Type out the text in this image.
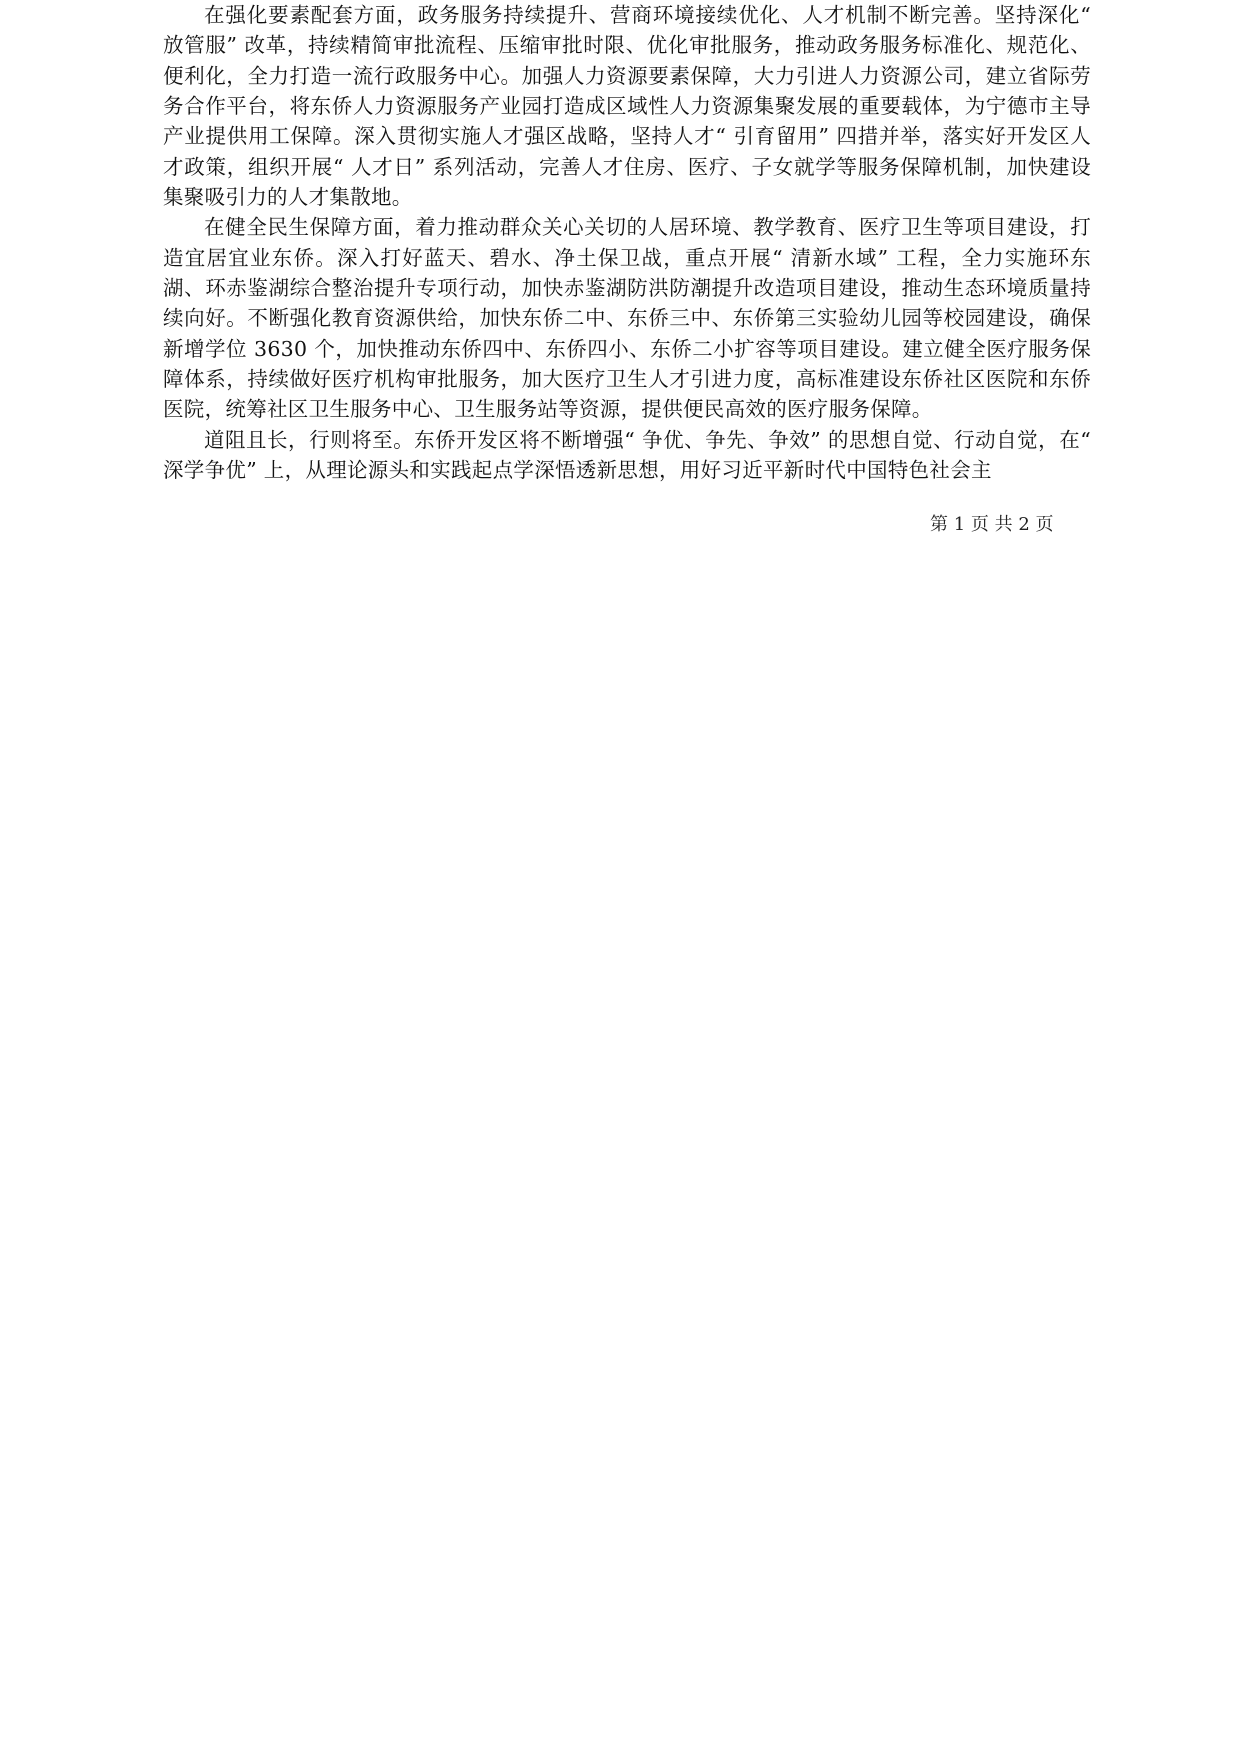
在强化要素配套方面，政务服务持续提升、营商环境接续优化、人才机制不断完善。坚持深化“ 放管服” 改革，持续精简审批流程、压缩审批时限、优化审批服务，推动政务服务标准化、规范化、便利化，全力打造一流行政服务中心。加强人力资源要素保障，大力引进人力资源公司，建立省际劳务合作平台，将东侨人力资源服务产业园打造成区域性人力资源集聚发展的重要载体，为宁德市主导产业提供用工保障。深入贯彻实施人才强区战略，坚持人才“ 引育留用” 四措并举，落实好开发区人才政策，组织开展“ 人才日” 系列活动，完善人才住房、医疗、子女就学等服务保障机制，加快建设集聚吸引力的人才集散地。

在健全民生保障方面，着力推动群众关心关切的人居环境、教学教育、医疗卫生等项目建设，打造宜居宜业东侨。深入打好蓝天、碧水、净土保卫战，重点开展“ 清新水域” 工程，全力实施环东湖、环赤鉴湖综合整治提升专项行动，加快赤鉴湖防洪防潮提升改造项目建设，推动生态环境质量持续向好。不断强化教育资源供给，加快东侨二中、东侨三中、东侨第三实验幼儿园等校园建设，确保新增学位 3630 个，加快推动东侨四中、东侨四小、东侨二小扩容等项目建设。建立健全医疗服务保障体系，持续做好医疗机构审批服务，加大医疗卫生人才引进力度，高标准建设东侨社区医院和东侨医院，统筹社区卫生服务中心、卫生服务站等资源，提供便民高效的医疗服务保障。

道阻且长，行则将至。东侨开发区将不断增强“ 争优、争先、争效” 的思想自觉、行动自觉，在“ 深学争优” 上，从理论源头和实践起点学深悟透新思想，用好习近平新时代中国特色社会主

第 1 页 共 2 页
